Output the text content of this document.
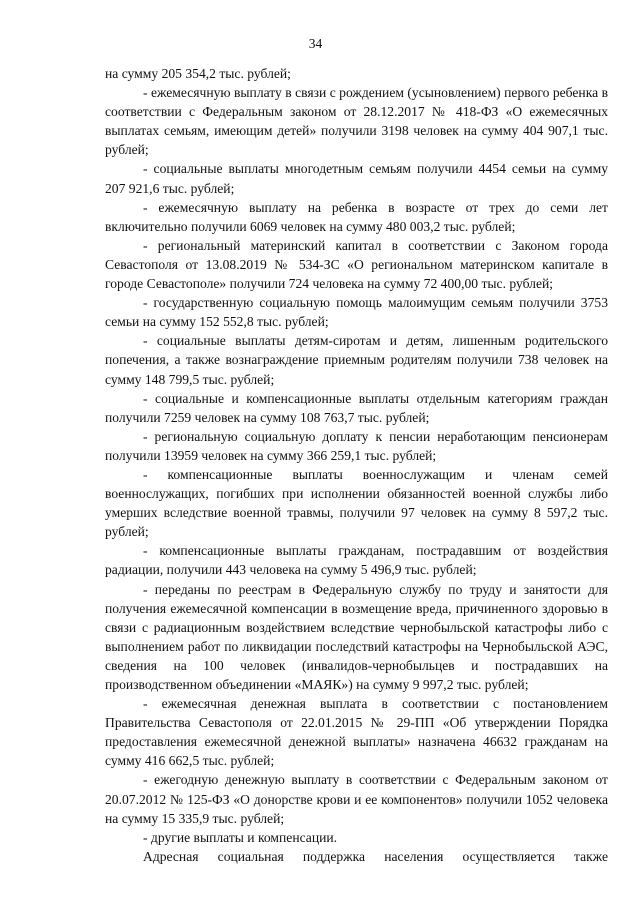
34

на сумму 205 354,2 тыс. рублей;

- ежемесячную выплату в связи с рождением (усыновлением) первого ребенка в соответствии с Федеральным законом от 28.12.2017 № 418-ФЗ «О ежемесячных выплатах семьям, имеющим детей» получили 3198 человек на сумму 404 907,1 тыс. рублей;

- социальные выплаты многодетным семьям получили 4454 семьи на сумму 207 921,6 тыс. рублей;

- ежемесячную выплату на ребенка в возрасте от трех до семи лет включительно получили 6069 человек на сумму 480 003,2 тыс. рублей;

- региональный материнский капитал в соответствии с Законом города Севастополя от 13.08.2019 № 534-ЗС «О региональном материнском капитале в городе Севастополе» получили 724 человека на сумму 72 400,00 тыс. рублей;

- государственную социальную помощь малоимущим семьям получили 3753 семьи на сумму 152 552,8 тыс. рублей;

- социальные выплаты детям-сиротам и детям, лишенным родительского попечения, а также вознаграждение приемным родителям получили 738 человек на сумму 148 799,5 тыс. рублей;

- социальные и компенсационные выплаты отдельным категориям граждан получили 7259 человек на сумму 108 763,7 тыс. рублей;

- региональную социальную доплату к пенсии неработающим пенсионерам получили 13959 человек на сумму 366 259,1 тыс. рублей;

- компенсационные выплаты военнослужащим и членам семей военнослужащих, погибших при исполнении обязанностей военной службы либо умерших вследствие военной травмы, получили 97 человек на сумму 8 597,2 тыс. рублей;

- компенсационные выплаты гражданам, пострадавшим от воздействия радиации, получили 443 человека на сумму 5 496,9 тыс. рублей;

- переданы по реестрам в Федеральную службу по труду и занятости для получения ежемесячной компенсации в возмещение вреда, причиненного здоровью в связи с радиационным воздействием вследствие чернобыльской катастрофы либо с выполнением работ по ликвидации последствий катастрофы на Чернобыльской АЭС, сведения на 100 человек (инвалидов-чернобыльцев и пострадавших на производственном объединении «МАЯК») на сумму 9 997,2 тыс. рублей;

- ежемесячная денежная выплата в соответствии с постановлением Правительства Севастополя от 22.01.2015 № 29-ПП «Об утверждении Порядка предоставления ежемесячной денежной выплаты» назначена 46632 гражданам на сумму 416 662,5 тыс. рублей;

- ежегодную денежную выплату в соответствии с Федеральным законом от 20.07.2012 № 125-ФЗ «О донорстве крови и ее компонентов» получили 1052 человека на сумму 15 335,9 тыс. рублей;

- другие выплаты и компенсации.

Адресная социальная поддержка населения осуществляется также
